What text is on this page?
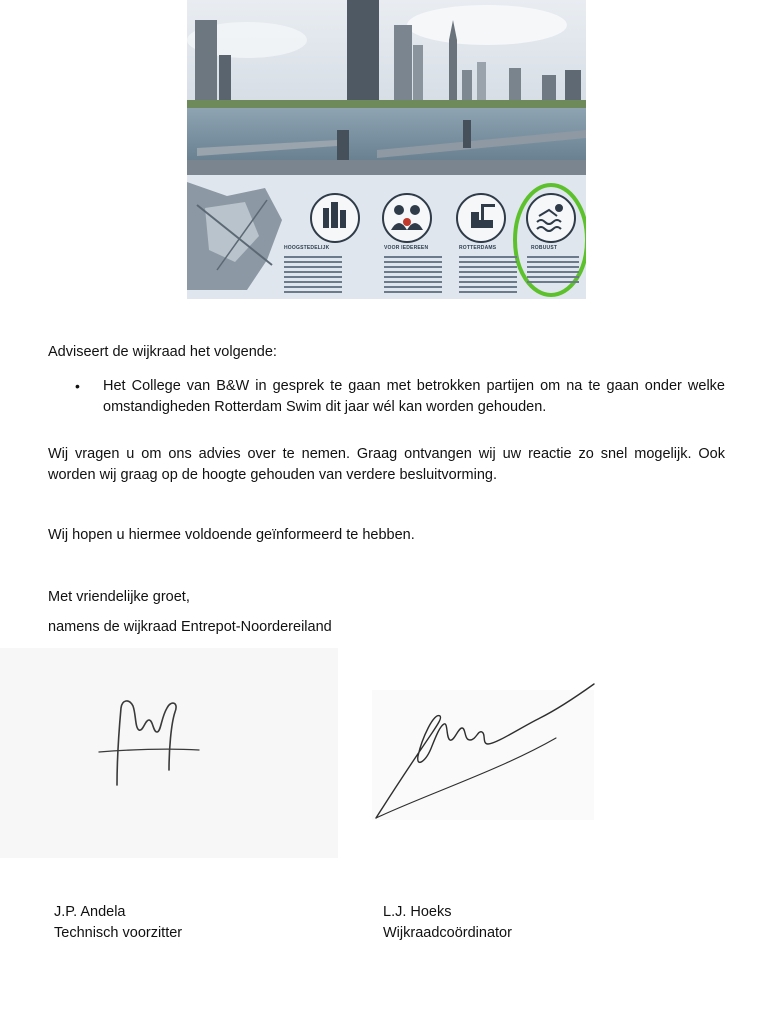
HOOGSTEDELIJK	VOOR IEDEREEN	ROTTERDAMS	ROBUUST
Adviseert de wijkraad het volgende:
• Het College van B&W in gesprek te gaan met betrokken partijen om na te gaan onder welke omstandigheden Rotterdam Swim dit jaar wél kan worden gehouden.
Wij vragen u om ons advies over te nemen. Graag ontvangen wij uw reactie zo snel mogelijk. Ook worden wij graag op de hoogte gehouden van verdere besluitvorming.
Wij hopen u hiermee voldoende geïnformeerd te hebben.
Met vriendelijke groet,
namens de wijkraad Entrepot-Noordereiland
J.P. Andela
Technisch voorzitter
L.J. Hoeks
Wijkraadcoördinator
